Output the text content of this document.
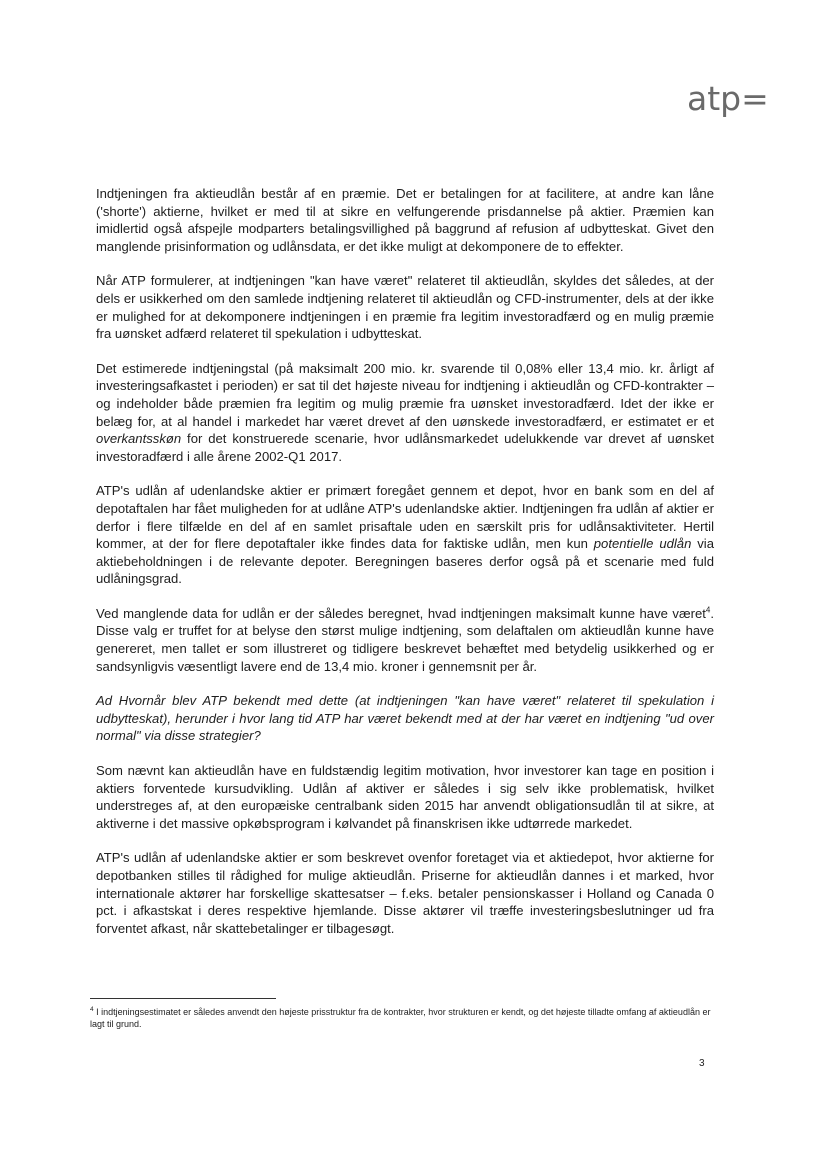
atp=

Indtjeningen fra aktieudlån består af en præmie. Det er betalingen for at facilitere, at andre kan låne ('shorte') aktierne, hvilket er med til at sikre en velfungerende prisdannelse på aktier. Præmien kan imidlertid også afspejle modparters betalingsvillighed på baggrund af refusion af udbytteskat. Givet den manglende prisinformation og udlånsdata, er det ikke muligt at dekomponere de to effekter.

Når ATP formulerer, at indtjeningen "kan have været" relateret til aktieudlån, skyldes det således, at der dels er usikkerhed om den samlede indtjening relateret til aktieudlån og CFD-instrumenter, dels at der ikke er mulighed for at dekomponere indtjeningen i en præmie fra legitim investoradfærd og en mulig præmie fra uønsket adfærd relateret til spekulation i udbytteskat.

Det estimerede indtjeningstal (på maksimalt 200 mio. kr. svarende til 0,08% eller 13,4 mio. kr. årligt af investeringsafkastet i perioden) er sat til det højeste niveau for indtjening i aktieudlån og CFD-kontrakter – og indeholder både præmien fra legitim og mulig præmie fra uønsket investoradfærd. Idet der ikke er belæg for, at al handel i markedet har været drevet af den uønskede investoradfærd, er estimatet er et overkantsskøn for det konstruerede scenarie, hvor udlånsmarkedet udelukkende var drevet af uønsket investoradfærd i alle årene 2002-Q1 2017.

ATP's udlån af udenlandske aktier er primært foregået gennem et depot, hvor en bank som en del af depotaftalen har fået muligheden for at udlåne ATP's udenlandske aktier. Indtjeningen fra udlån af aktier er derfor i flere tilfælde en del af en samlet prisaftale uden en særskilt pris for udlånsaktiviteter. Hertil kommer, at der for flere depotaftaler ikke findes data for faktiske udlån, men kun potentielle udlån via aktiebeholdningen i de relevante depoter. Beregningen baseres derfor også på et scenarie med fuld udlåningsgrad.

Ved manglende data for udlån er der således beregnet, hvad indtjeningen maksimalt kunne have været$^4$. Disse valg er truffet for at belyse den størst mulige indtjening, som delaftalen om aktieudlån kunne have genereret, men tallet er som illustreret og tidligere beskrevet behæftet med betydelig usikkerhed og er sandsynligvis væsentligt lavere end de 13,4 mio. kroner i gennemsnit per år.

Ad Hvornår blev ATP bekendt med dette (at indtjeningen "kan have været" relateret til spekulation i udbytteskat), herunder i hvor lang tid ATP har været bekendt med at der har været en indtjening "ud over normal" via disse strategier?

Som nævnt kan aktieudlån have en fuldstændig legitim motivation, hvor investorer kan tage en position i aktiers forventede kursudvikling. Udlån af aktiver er således i sig selv ikke problematisk, hvilket understreges af, at den europæiske centralbank siden 2015 har anvendt obligationsudlån til at sikre, at aktiverne i det massive opkøbsprogram i kølvandet på finanskrisen ikke udtørrede markedet.

ATP's udlån af udenlandske aktier er som beskrevet ovenfor foretaget via et aktiedepot, hvor aktierne for depotbanken stilles til rådighed for mulige aktieudlån. Priserne for aktieudlån dannes i et marked, hvor internationale aktører har forskellige skattesatser – f.eks. betaler pensionskasser i Holland og Canada 0 pct. i afkastskat i deres respektive hjemlande. Disse aktører vil træffe investeringsbeslutninger ud fra forventet afkast, når skattebetalinger er tilbagesøgt.

$^4$ I indtjeningsestimatet er således anvendt den højeste prisstruktur fra de kontrakter, hvor strukturen er kendt, og det højeste tilladte omfang af aktieudlån er lagt til grund.
3
